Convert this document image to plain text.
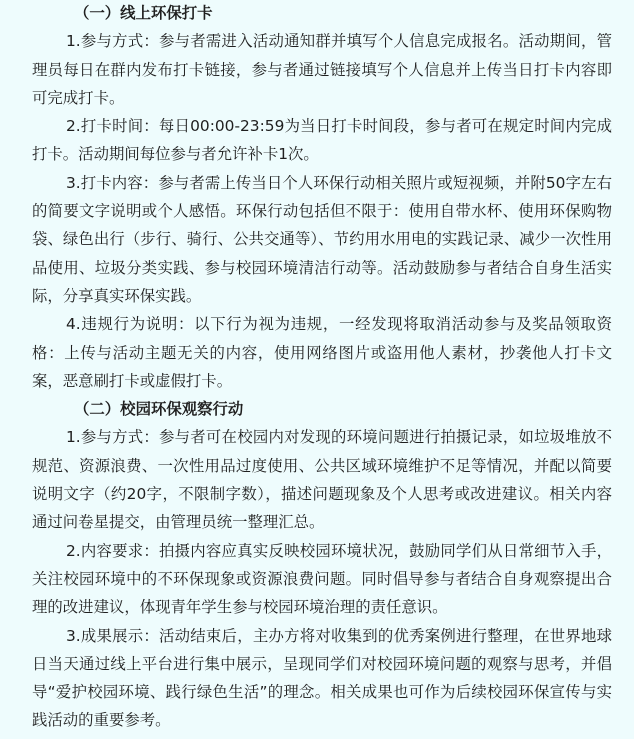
（一）线上环保打卡

1.参与方式：参与者需进入活动通知群并填写个人信息完成报名。活动期间，管理员每日在群内发布打卡链接，参与者通过链接填写个人信息并上传当日打卡内容即可完成打卡。

2.打卡时间：每日00:00-23:59为当日打卡时间段，参与者可在规定时间内完成打卡。活动期间每位参与者允许补卡1次。

3.打卡内容：参与者需上传当日个人环保行动相关照片或短视频，并附50字左右的简要文字说明或个人感悟。环保行动包括但不限于：使用自带水杯、使用环保购物袋、绿色出行（步行、骑行、公共交通等）、节约用水用电的实践记录、减少一次性用品使用、垃圾分类实践、参与校园环境清洁行动等。活动鼓励参与者结合自身生活实际，分享真实环保实践。

4.违规行为说明：以下行为视为违规，一经发现将取消活动参与及奖品领取资格：上传与活动主题无关的内容，使用网络图片或盗用他人素材，抄袭他人打卡文案，恶意刷打卡或虚假打卡。

（二）校园环保观察行动

1.参与方式：参与者可在校园内对发现的环境问题进行拍摄记录，如垃圾堆放不规范、资源浪费、一次性用品过度使用、公共区域环境维护不足等情况，并配以简要说明文字（约20字，不限制字数），描述问题现象及个人思考或改进建议。相关内容通过问卷星提交，由管理员统一整理汇总。

2.内容要求：拍摄内容应真实反映校园环境状况，鼓励同学们从日常细节入手，关注校园环境中的不环保现象或资源浪费问题。同时倡导参与者结合自身观察提出合理的改进建议，体现青年学生参与校园环境治理的责任意识。

3.成果展示：活动结束后，主办方将对收集到的优秀案例进行整理，在世界地球日当天通过线上平台进行集中展示，呈现同学们对校园环境问题的观察与思考，并倡导“爱护校园环境、践行绿色生活”的理念。相关成果也可作为后续校园环保宣传与实践活动的重要参考。
